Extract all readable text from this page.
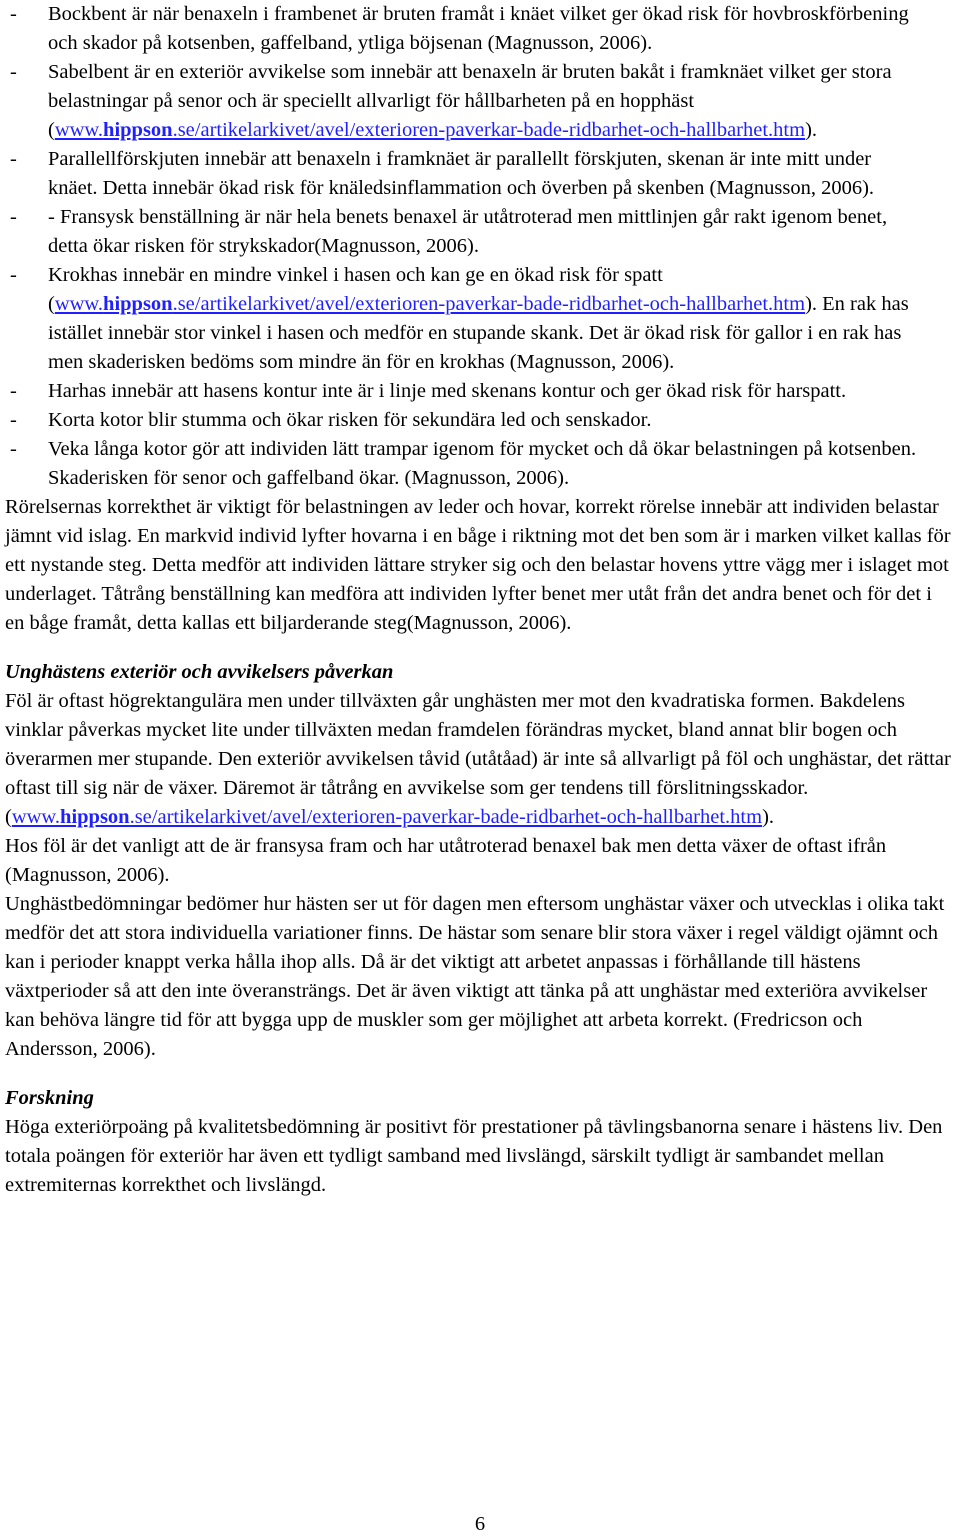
-	Bockbent är när benaxeln i frambenet är bruten framåt i knäet vilket ger ökad risk för hovbroskförbening och skador på kotsenben, gaffelband, ytliga böjsenan (Magnusson, 2006).
-	Sabelbent är en exteriör avvikelse som innebär att benaxeln är bruten bakåt i framknäet vilket ger stora belastningar på senor och är speciellt allvarligt för hållbarheten på en hopphäst (www.hippson.se/artikelarkivet/avel/exterioren-paverkar-bade-ridbarhet-och-hallbarhet.htm).
-	Parallellförskjuten innebär att benaxeln i framknäet är parallellt förskjuten, skenan är inte mitt under knäet. Detta innebär ökad risk för knäledsinflammation och överben på skenben (Magnusson, 2006).
-	- Fransysk benställning är när hela benets benaxel är utåtroterad men mittlinjen går rakt igenom benet, detta ökar risken för strykskador(Magnusson, 2006).
-	Krokhas innebär en mindre vinkel i hasen och kan ge en ökad risk för spatt (www.hippson.se/artikelarkivet/avel/exterioren-paverkar-bade-ridbarhet-och-hallbarhet.htm). En rak has istället innebär stor vinkel i hasen och medför en stupande skank. Det är ökad risk för gallor i en rak has men skaderisken bedöms som mindre än för en krokhas (Magnusson, 2006).
-	Harhas innebär att hasens kontur inte är i linje med skenans kontur och ger ökad risk för harspatt.
-	Korta kotor blir stumma och ökar risken för sekundära led och senskador.
-	Veka långa kotor gör att individen lätt trampar igenom för mycket och då ökar belastningen på kotsenben. Skaderisken för senor och gaffelband ökar. (Magnusson, 2006).
Rörelsernas korrekthet är viktigt för belastningen av leder och hovar, korrekt rörelse innebär att individen belastar jämnt vid islag. En markvid individ lyfter hovarna i en båge i riktning mot det ben som är i marken vilket kallas för ett nystande steg. Detta medför att individen lättare stryker sig och den belastar hovens yttre vägg mer i islaget mot underlaget. Tåtrång benställning kan medföra att individen lyfter benet mer utåt från det andra benet och för det i en båge framåt, detta kallas ett biljarderande steg(Magnusson, 2006).
Unghästens exteriör och avvikelsers påverkan
Föl är oftast högrektangulära men under tillväxten går unghästen mer mot den kvadratiska formen. Bakdelens vinklar påverkas mycket lite under tillväxten medan framdelen förändras mycket, bland annat blir bogen och överarmen mer stupande. Den exteriör avvikelsen tåvid (utåtåad) är inte så allvarligt på föl och unghästar, det rättar oftast till sig när de växer. Däremot är tåtrång en avvikelse som ger tendens till förslitningsskador. (www.hippson.se/artikelarkivet/avel/exterioren-paverkar-bade-ridbarhet-och-hallbarhet.htm).
Hos föl är det vanligt att de är fransysa fram och har utåtroterad benaxel bak men detta växer de oftast ifrån (Magnusson, 2006).
Unghästbedömningar bedömer hur hästen ser ut för dagen men eftersom unghästar växer och utvecklas i olika takt medför det att stora individuella variationer finns. De hästar som senare blir stora växer i regel väldigt ojämnt och kan i perioder knappt verka hålla ihop alls. Då är det viktigt att arbetet anpassas i förhållande till hästens växtperioder så att den inte överansträngs. Det är även viktigt att tänka på att unghästar med exteriöra avvikelser kan behöva längre tid för att bygga upp de muskler som ger möjlighet att arbeta korrekt. (Fredricson och Andersson, 2006).
Forskning
Höga exteriörpoäng på kvalitetsbedömning är positivt för prestationer på tävlingsbanorna senare i hästens liv. Den totala poängen för exteriör har även ett tydligt samband med livslängd, särskilt tydligt är sambandet mellan extremiternas korrekthet och livslängd.
6
